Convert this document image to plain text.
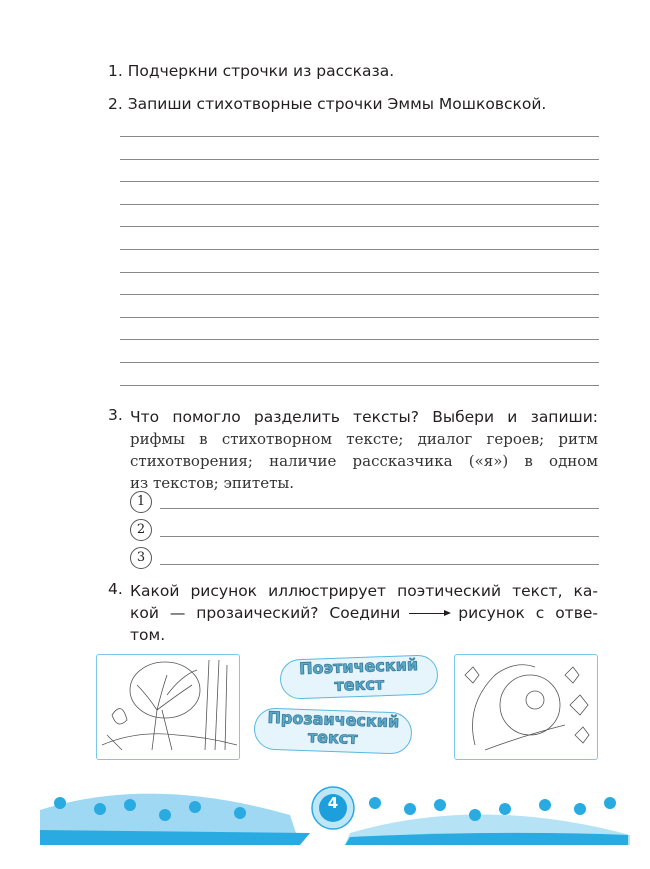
1. Подчеркни строчки из рассказа.
2. Запиши стихотворные строчки Эммы Мошковской.
3. Что помогло разделить тексты? Выбери и запиши:
рифмы в стихотворном тексте; диалог героев; ритм
стихотворения; наличие рассказчика («я») в одном
из текстов; эпитеты.
1
2
3
4. Какой рисунок иллюстрирует поэтический текст, ка-
кой — прозаический? Соедини	рисунок с отве-
том.
Поэтический
текст
Прозаический
текст
4
